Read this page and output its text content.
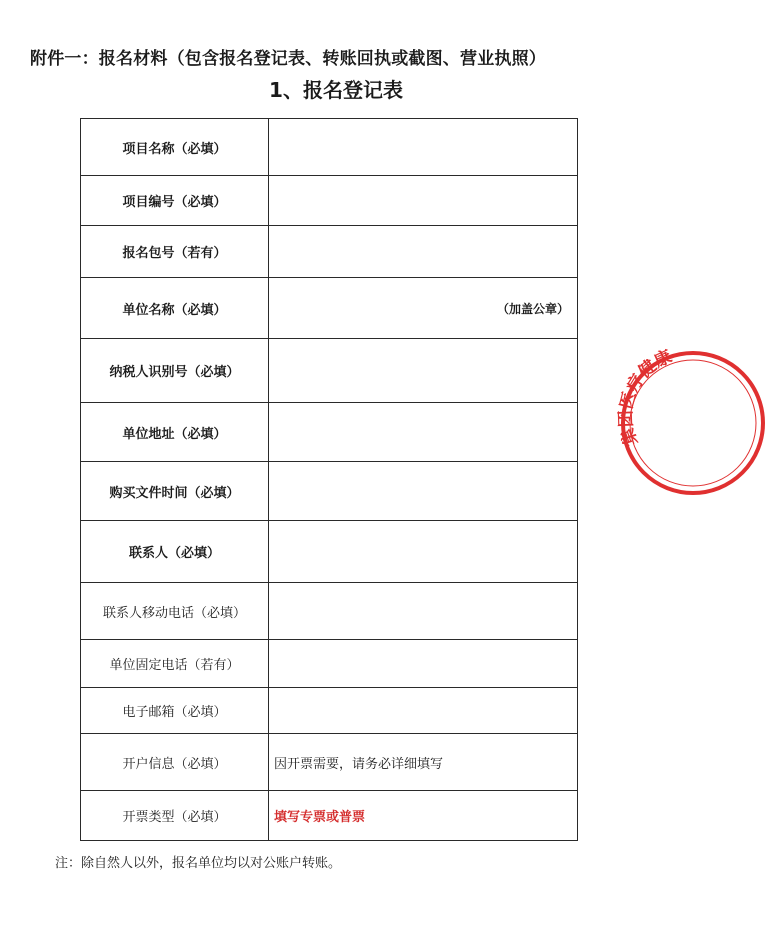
附件一：报名材料（包含报名登记表、转账回执或截图、营业执照）
1、报名登记表
项目名称（必填）	
项目编号（必填）	
报名包号（若有）	
单位名称（必填）	（加盖公章）

纳税人识别号（必填）	
单位地址（必填）	
购买文件时间（必填）	
联系人（必填）	
联系人移动电话（必填）	
单位固定电话（若有）	
电子邮箱（必填）	
开户信息（必填）	因开票需要，请务必详细填写
开票类型（必填）	填写专票或普票
注：除自然人以外，报名单位均以对公账户转账。
集团医疗健康
